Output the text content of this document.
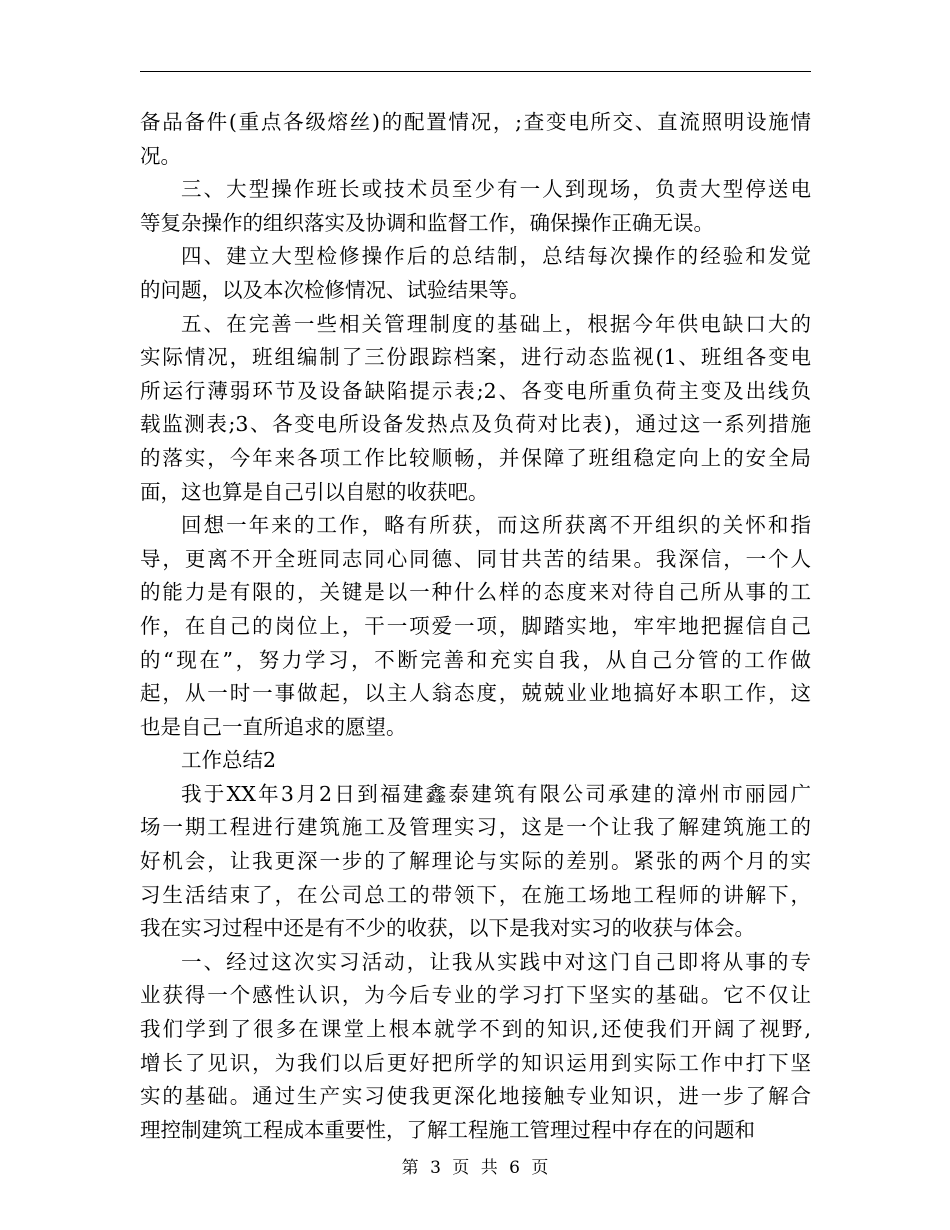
备品备件(重点各级熔丝)的配置情况，;查变电所交、直流照明设施情
况。
三、大型操作班长或技术员至少有一人到现场，负责大型停送电
等复杂操作的组织落实及协调和监督工作，确保操作正确无误。
四、建立大型检修操作后的总结制，总结每次操作的经验和发觉
的问题，以及本次检修情况、试验结果等。
五、在完善一些相关管理制度的基础上，根据今年供电缺口大的
实际情况，班组编制了三份跟踪档案，进行动态监视(1、班组各变电
所运行薄弱环节及设备缺陷提示表;2、各变电所重负荷主变及出线负
载监测表;3、各变电所设备发热点及负荷对比表)，通过这一系列措施
的落实，今年来各项工作比较顺畅，并保障了班组稳定向上的安全局
面，这也算是自己引以自慰的收获吧。
回想一年来的工作，略有所获，而这所获离不开组织的关怀和指
导，更离不开全班同志同心同德、同甘共苦的结果。我深信，一个人
的能力是有限的，关键是以一种什么样的态度来对待自己所从事的工
作，在自己的岗位上，干一项爱一项，脚踏实地，牢牢地把握信自己
的“现在”，努力学习，不断完善和充实自我，从自己分管的工作做
起，从一时一事做起，以主人翁态度，兢兢业业地搞好本职工作，这
也是自己一直所追求的愿望。
工作总结2
我于XX年3月2日到福建鑫泰建筑有限公司承建的漳州市丽园广
场一期工程进行建筑施工及管理实习，这是一个让我了解建筑施工的
好机会，让我更深一步的了解理论与实际的差别。紧张的两个月的实
习生活结束了，在公司总工的带领下，在施工场地工程师的讲解下，
我在实习过程中还是有不少的收获，以下是我对实习的收获与体会。
一、经过这次实习活动，让我从实践中对这门自己即将从事的专
业获得一个感性认识，为今后专业的学习打下坚实的基础。它不仅让
我们学到了很多在课堂上根本就学不到的知识,还使我们开阔了视野,
增长了见识，为我们以后更好把所学的知识运用到实际工作中打下坚
实的基础。通过生产实习使我更深化地接触专业知识，进一步了解合
理控制建筑工程成本重要性，了解工程施工管理过程中存在的问题和
第 3 页 共 6 页
